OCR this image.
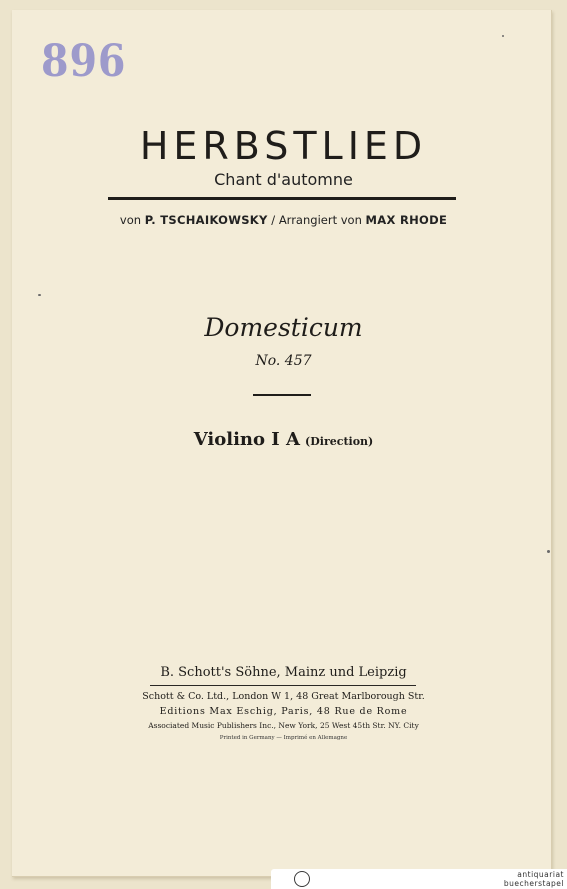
896
HERBSTLIED
Chant d'automne
von P. TSCHAIKOWSKY / Arrangiert von MAX RHODE
Domesticum
No. 457
Violino I A (Direction)
B. Schott's Söhne, Mainz und Leipzig
Schott & Co. Ltd., London W 1, 48 Great Marlborough Str.
Editions Max Eschig, Paris, 48 Rue de Rome
Associated Music Publishers Inc., New York, 25 West 45th Str. NY. City
Printed in Germany — Imprimé en Allemagne
antiquariat
buecherstapel
